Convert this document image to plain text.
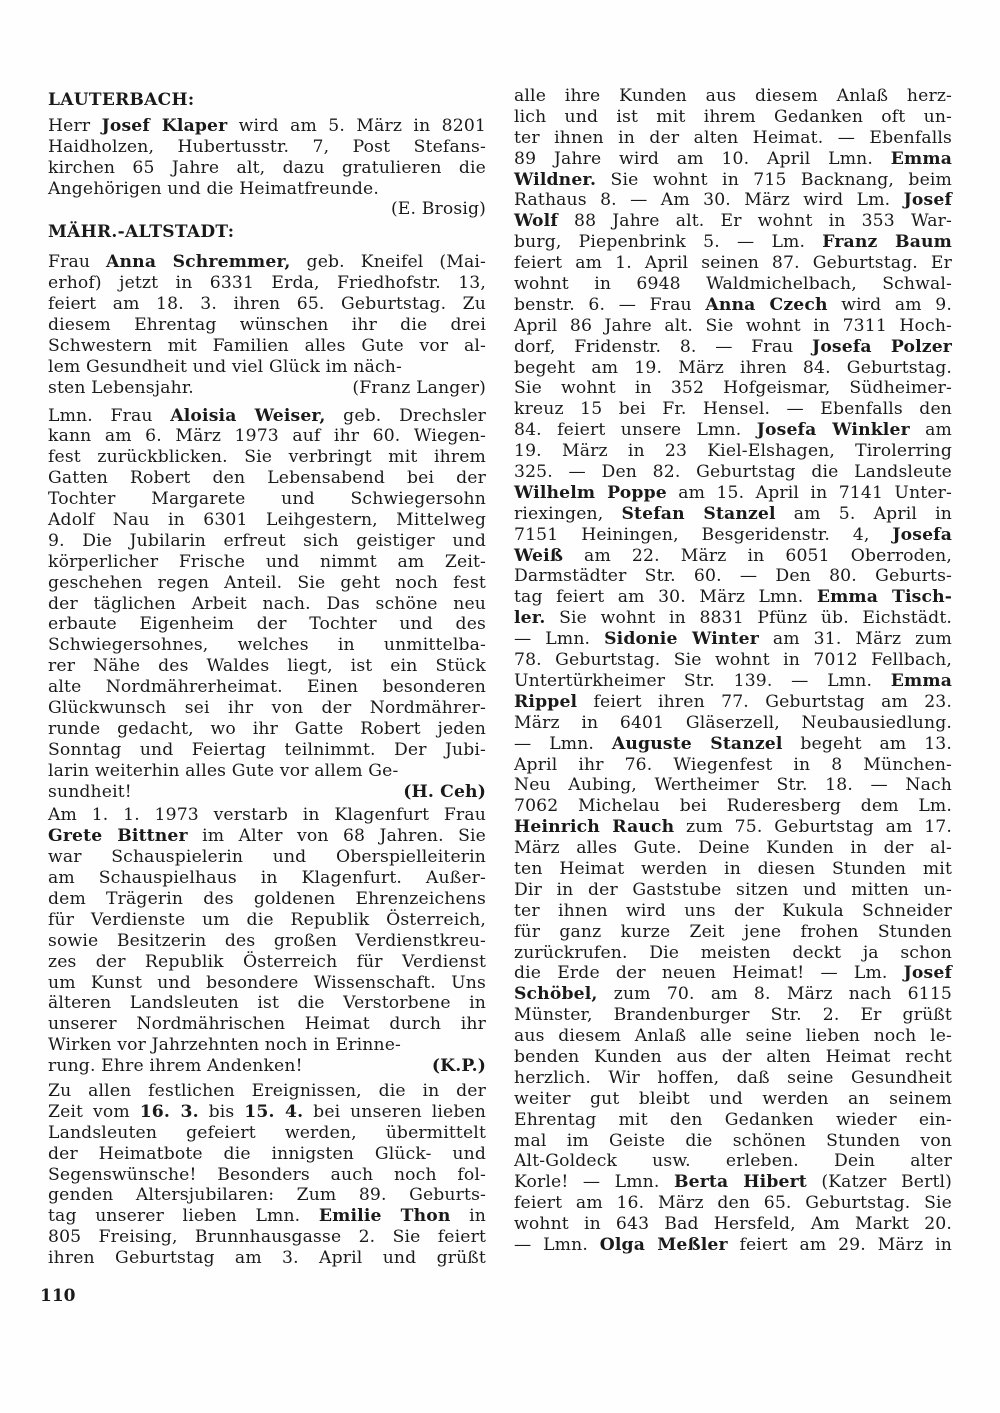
LAUTERBACH:
Herr Josef Klaper wird am 5. März in 8201
Haidholzen, Hubertusstr. 7, Post Stefans-
kirchen 65 Jahre alt, dazu gratulieren die
Angehörigen und die Heimatfreunde.
(E. Brosig)
MÄHR.-ALTSTADT:
Frau Anna Schremmer, geb. Kneifel (Mai-
erhof) jetzt in 6331 Erda, Friedhofstr. 13,
feiert am 18. 3. ihren 65. Geburtstag. Zu
diesem Ehrentag wünschen ihr die drei
Schwestern mit Familien alles Gute vor al-
lem Gesundheit und viel Glück im näch-
sten Lebensjahr.	(Franz Langer)
Lmn. Frau Aloisia Weiser, geb. Drechsler
kann am 6. März 1973 auf ihr 60. Wiegen-
fest zurückblicken. Sie verbringt mit ihrem
Gatten Robert den Lebensabend bei der
Tochter Margarete und Schwiegersohn
Adolf Nau in 6301 Leihgestern, Mittelweg
9. Die Jubilarin erfreut sich geistiger und
körperlicher Frische und nimmt am Zeit-
geschehen regen Anteil. Sie geht noch fest
der täglichen Arbeit nach. Das schöne neu
erbaute Eigenheim der Tochter und des
Schwiegersohnes, welches in unmittelba-
rer Nähe des Waldes liegt, ist ein Stück
alte Nordmährerheimat. Einen besonderen
Glückwunsch sei ihr von der Nordmährer-
runde gedacht, wo ihr Gatte Robert jeden
Sonntag und Feiertag teilnimmt. Der Jubi-
larin weiterhin alles Gute vor allem Ge-
sundheit!	(H. Ceh)
Am 1. 1. 1973 verstarb in Klagenfurt Frau
Grete Bittner im Alter von 68 Jahren. Sie
war Schauspielerin und Oberspielleiterin
am Schauspielhaus in Klagenfurt. Außer-
dem Trägerin des goldenen Ehrenzeichens
für Verdienste um die Republik Österreich,
sowie Besitzerin des großen Verdienstkreu-
zes der Republik Österreich für Verdienst
um Kunst und besondere Wissenschaft. Uns
älteren Landsleuten ist die Verstorbene in
unserer Nordmährischen Heimat durch ihr
Wirken vor Jahrzehnten noch in Erinne-
rung. Ehre ihrem Andenken!	(K.P.)
Zu allen festlichen Ereignissen, die in der
Zeit vom 16. 3. bis 15. 4. bei unseren lieben
Landsleuten gefeiert werden, übermittelt
der Heimatbote die innigsten Glück- und
Segenswünsche! Besonders auch noch fol-
genden Altersjubilaren: Zum 89. Geburts-
tag unserer lieben Lmn. Emilie Thon in
805 Freising, Brunnhausgasse 2. Sie feiert
ihren Geburtstag am 3. April und grüßt
alle ihre Kunden aus diesem Anlaß herz-
lich und ist mit ihrem Gedanken oft un-
ter ihnen in der alten Heimat. — Ebenfalls
89 Jahre wird am 10. April Lmn. Emma
Wildner. Sie wohnt in 715 Backnang, beim
Rathaus 8. — Am 30. März wird Lm. Josef
Wolf 88 Jahre alt. Er wohnt in 353 War-
burg, Piepenbrink 5. — Lm. Franz Baum
feiert am 1. April seinen 87. Geburtstag. Er
wohnt in 6948 Waldmichelbach, Schwal-
benstr. 6. — Frau Anna Czech wird am 9.
April 86 Jahre alt. Sie wohnt in 7311 Hoch-
dorf, Fridenstr. 8. — Frau Josefa Polzer
begeht am 19. März ihren 84. Geburtstag.
Sie wohnt in 352 Hofgeismar, Südheimer-
kreuz 15 bei Fr. Hensel. — Ebenfalls den
84. feiert unsere Lmn. Josefa Winkler am
19. März in 23 Kiel-Elshagen, Tirolerring
325. — Den 82. Geburtstag die Landsleute
Wilhelm Poppe am 15. April in 7141 Unter-
riexingen, Stefan Stanzel am 5. April in
7151 Heiningen, Besgeridenstr. 4, Josefa
Weiß am 22. März in 6051 Oberroden,
Darmstädter Str. 60. — Den 80. Geburts-
tag feiert am 30. März Lmn. Emma Tisch-
ler. Sie wohnt in 8831 Pfünz üb. Eichstädt.
— Lmn. Sidonie Winter am 31. März zum
78. Geburtstag. Sie wohnt in 7012 Fellbach,
Untertürkheimer Str. 139. — Lmn. Emma
Rippel feiert ihren 77. Geburtstag am 23.
März in 6401 Gläserzell, Neubausiedlung.
— Lmn. Auguste Stanzel begeht am 13.
April ihr 76. Wiegenfest in 8 München-
Neu Aubing, Wertheimer Str. 18. — Nach
7062 Michelau bei Ruderesberg dem Lm.
Heinrich Rauch zum 75. Geburtstag am 17.
März alles Gute. Deine Kunden in der al-
ten Heimat werden in diesen Stunden mit
Dir in der Gaststube sitzen und mitten un-
ter ihnen wird uns der Kukula Schneider
für ganz kurze Zeit jene frohen Stunden
zurückrufen. Die meisten deckt ja schon
die Erde der neuen Heimat! — Lm. Josef
Schöbel, zum 70. am 8. März nach 6115
Münster, Brandenburger Str. 2. Er grüßt
aus diesem Anlaß alle seine lieben noch le-
benden Kunden aus der alten Heimat recht
herzlich. Wir hoffen, daß seine Gesundheit
weiter gut bleibt und werden an seinem
Ehrentag mit den Gedanken wieder ein-
mal im Geiste die schönen Stunden von
Alt-Goldeck usw. erleben. Dein alter
Korle! — Lmn. Berta Hibert (Katzer Bertl)
feiert am 16. März den 65. Geburtstag. Sie
wohnt in 643 Bad Hersfeld, Am Markt 20.
— Lmn. Olga Meßler feiert am 29. März in
110
